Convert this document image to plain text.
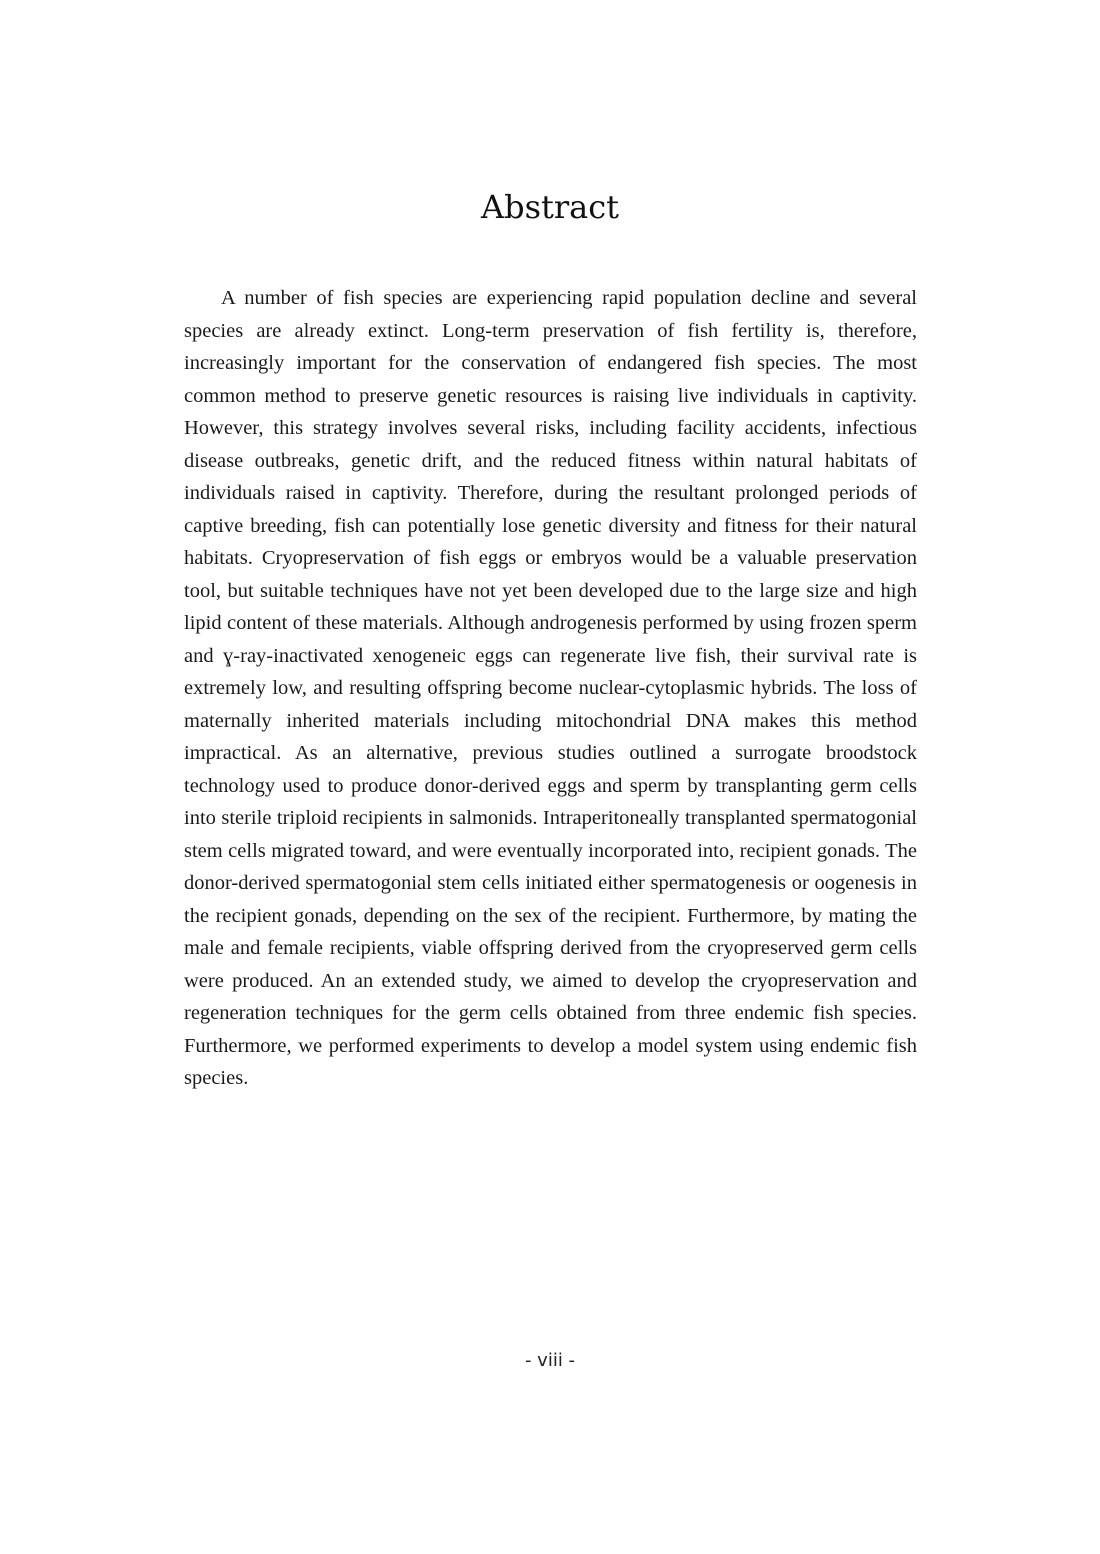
Abstract

A number of fish species are experiencing rapid population decline and several species are already extinct. Long-term preservation of fish fertility is, therefore, increasingly important for the conservation of endangered fish species. The most common method to preserve genetic resources is raising live individuals in captivity. However, this strategy involves several risks, including facility accidents, infectious disease outbreaks, genetic drift, and the reduced fitness within natural habitats of individuals raised in captivity. Therefore, during the resultant prolonged periods of captive breeding, fish can potentially lose genetic diversity and fitness for their natural habitats. Cryopreservation of fish eggs or embryos would be a valuable preservation tool, but suitable techniques have not yet been developed due to the large size and high lipid content of these materials. Although androgenesis performed by using frozen sperm and ɣ-ray‐inactivated xenogeneic eggs can regenerate live fish, their survival rate is extremely low, and resulting offspring become nuclear-cytoplasmic hybrids. The loss of maternally inherited materials including mitochondrial DNA makes this method impractical. As an alternative, previous studies outlined a surrogate broodstock technology used to produce donor-derived eggs and sperm by transplanting germ cells into sterile triploid recipients in salmonids. Intraperitoneally transplanted spermatogonial stem cells migrated toward, and were eventually incorporated into, recipient gonads. The donor-derived spermatogonial stem cells initiated either spermatogenesis or oogenesis in the recipient gonads, depending on the sex of the recipient. Furthermore, by mating the male and female recipients, viable offspring derived from the cryopreserved germ cells were produced. An an extended study, we aimed to develop the cryopreservation and regeneration techniques for the germ cells obtained from three endemic fish species. Furthermore, we performed experiments to develop a model system using endemic fish species.

- viii -
